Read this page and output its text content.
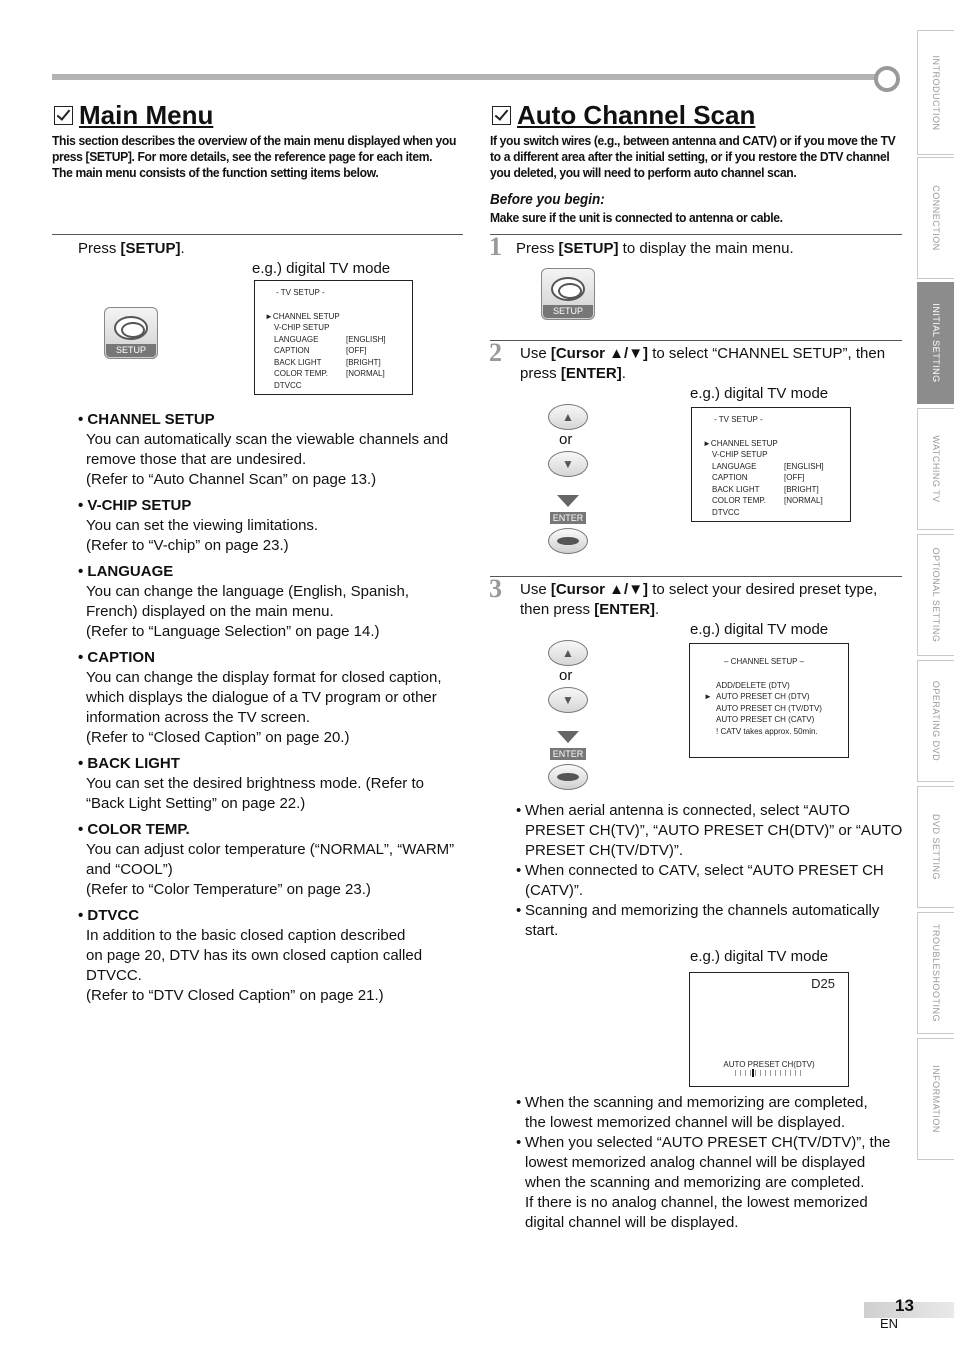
INTRODUCTION
CONNECTION
INITIAL SETTING
WATCHING TV
OPTIONAL SETTING
OPERATING DVD
DVD SETTING
TROUBLESHOOTING
INFORMATION
Main Menu
This section describes the overview of the main menu displayed when you
press [SETUP]. For more details, see the reference page for each item.
The main menu consists of the function setting items below.
Press [SETUP].
e.g.) digital TV mode
SETUP
- TV SETUP -
► CHANNEL SETUP
V-CHIP SETUP
LANGUAGE	[ENGLISH]
CAPTION	[OFF]
BACK LIGHT	[BRIGHT]
COLOR TEMP.	[NORMAL]
DTVCC
• CHANNEL SETUP
You can automatically scan the viewable channels and
remove those that are undesired.
(Refer to “Auto Channel Scan” on page 13.)
• V-CHIP SETUP
You can set the viewing limitations.
(Refer to “V-chip” on page 23.)
• LANGUAGE
You can change the language (English, Spanish,
French) displayed on the main menu.
(Refer to “Language Selection” on page 14.)
• CAPTION
You can change the display format for closed caption,
which displays the dialogue of a TV program or other
information across the TV screen.
(Refer to “Closed Caption” on page 20.)
• BACK LIGHT
You can set the desired brightness mode. (Refer to
“Back Light Setting” on page 22.)
• COLOR TEMP.
You can adjust color temperature (“NORMAL”, “WARM”
and “COOL”)
(Refer to “Color Temperature” on page 23.)
• DTVCC
In addition to the basic closed caption described
on page 20, DTV has its own closed caption called
DTVCC.
(Refer to “DTV Closed Caption” on page 21.)
Auto Channel Scan
If you switch wires (e.g., between antenna and CATV) or if you move the TV
to a different area after the initial setting, or if you restore the DTV channel
you deleted, you will need to perform auto channel scan.
Before you begin:
Make sure if the unit is connected to antenna or cable.
1 Press [SETUP] to display the main menu.
SETUP
2 Use [Cursor ▲/▼] to select “CHANNEL SETUP”, then
press [ENTER].
e.g.) digital TV mode
▲
or
▼
ENTER
- TV SETUP -
► CHANNEL SETUP
V-CHIP SETUP
LANGUAGE	[ENGLISH]
CAPTION	[OFF]
BACK LIGHT	[BRIGHT]
COLOR TEMP.	[NORMAL]
DTVCC
3 Use [Cursor ▲/▼] to select your desired preset type,
then press [ENTER].
e.g.) digital TV mode
▲
or
▼
ENTER
– CHANNEL SETUP –
ADD/DELETE (DTV)
► AUTO PRESET CH (DTV)
AUTO PRESET CH (TV/DTV)
AUTO PRESET CH (CATV)
! CATV takes approx. 50min.
• When aerial antenna is connected, select “AUTO
PRESET CH(TV)”, “AUTO PRESET CH(DTV)” or “AUTO
PRESET CH(TV/DTV)”.
• When connected to CATV, select “AUTO PRESET CH
(CATV)”.
• Scanning and memorizing the channels automatically
start.
e.g.) digital TV mode
D25
AUTO PRESET CH(DTV)
• When the scanning and memorizing are completed,
the lowest memorized channel will be displayed.
• When you selected “AUTO PRESET CH(TV/DTV)”, the
lowest memorized analog channel will be displayed
when the scanning and memorizing are completed.
If there is no analog channel, the lowest memorized
digital channel will be displayed.
13
EN
